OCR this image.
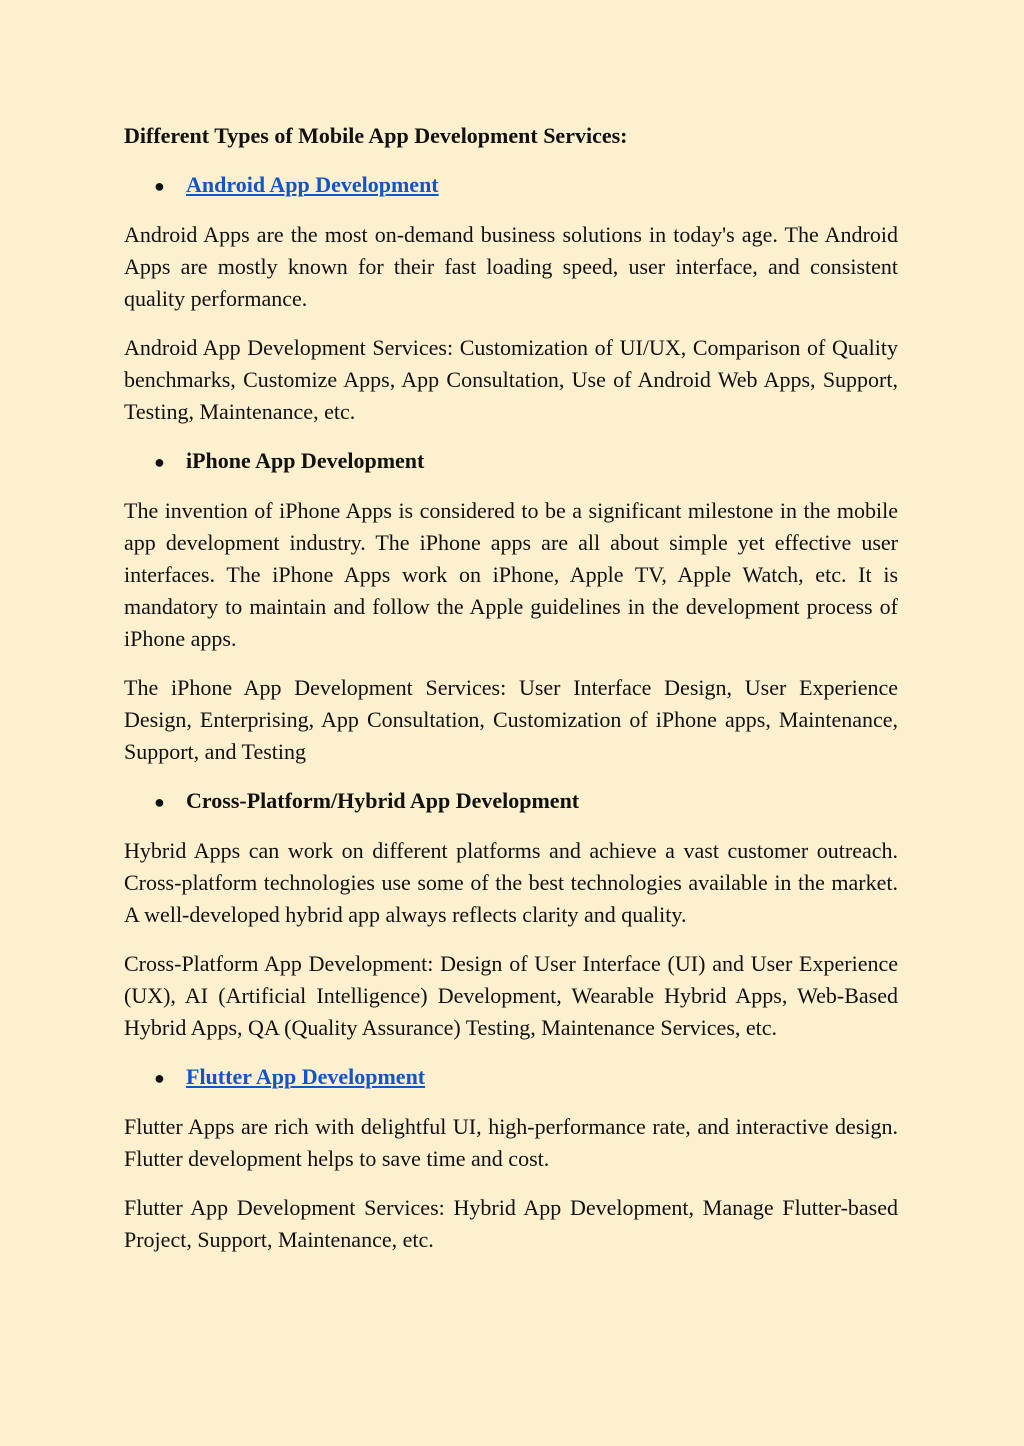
Different Types of Mobile App Development Services:
● Android App Development

Android Apps are the most on-demand business solutions in today's age. The Android Apps are mostly known for their fast loading speed, user interface, and consistent quality performance.

Android App Development Services: Customization of UI/UX, Comparison of Quality benchmarks, Customize Apps, App Consultation, Use of Android Web Apps, Support, Testing, Maintenance, etc.

● iPhone App Development

The invention of iPhone Apps is considered to be a significant milestone in the mobile app development industry. The iPhone apps are all about simple yet effective user interfaces. The iPhone Apps work on iPhone, Apple TV, Apple Watch, etc. It is mandatory to maintain and follow the Apple guidelines in the development process of iPhone apps.

The iPhone App Development Services: User Interface Design, User Experience Design, Enterprising, App Consultation, Customization of iPhone apps, Maintenance, Support, and Testing

● Cross-Platform/Hybrid App Development

Hybrid Apps can work on different platforms and achieve a vast customer outreach. Cross-platform technologies use some of the best technologies available in the market. A well-developed hybrid app always reflects clarity and quality.

Cross-Platform App Development: Design of User Interface (UI) and User Experience (UX), AI (Artificial Intelligence) Development, Wearable Hybrid Apps, Web-Based Hybrid Apps, QA (Quality Assurance) Testing, Maintenance Services, etc.

● Flutter App Development

Flutter Apps are rich with delightful UI, high-performance rate, and interactive design. Flutter development helps to save time and cost.

Flutter App Development Services: Hybrid App Development, Manage Flutter-based Project, Support, Maintenance, etc.
